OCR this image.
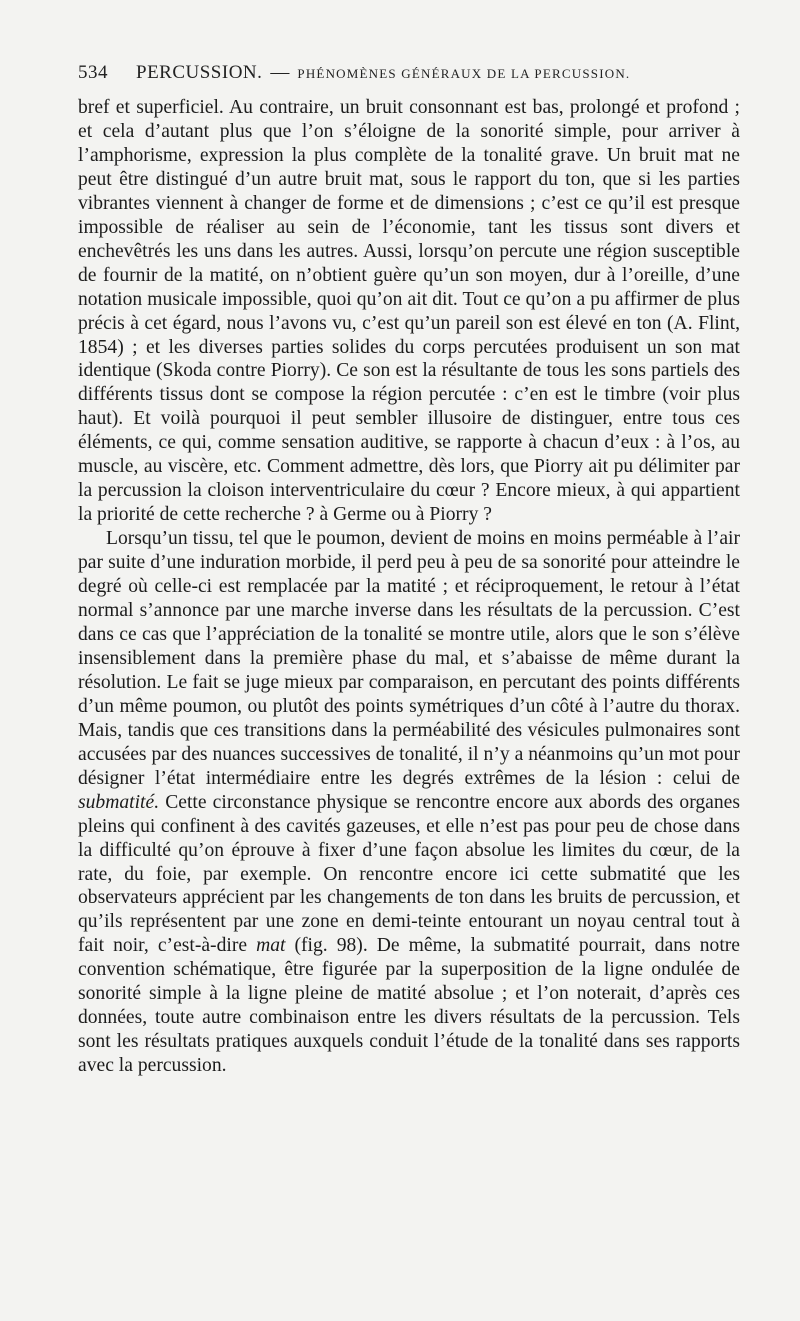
534 PERCUSSION. — PHÉNOMÈNES GÉNÉRAUX DE LA PERCUSSION.

bref et superficiel. Au contraire, un bruit consonnant est bas, prolongé et profond ; et cela d’autant plus que l’on s’éloigne de la sonorité simple, pour arriver à l’amphorisme, expression la plus complète de la tonalité grave. Un bruit mat ne peut être distingué d’un autre bruit mat, sous le rapport du ton, que si les parties vibrantes viennent à changer de forme et de dimensions ; c’est ce qu’il est presque impossible de réaliser au sein de l’économie, tant les tissus sont divers et enchevêtrés les uns dans les autres. Aussi, lorsqu’on percute une région susceptible de fournir de la matité, on n’obtient guère qu’un son moyen, dur à l’oreille, d’une notation musicale impossible, quoi qu’on ait dit. Tout ce qu’on a pu affirmer de plus précis à cet égard, nous l’avons vu, c’est qu’un pareil son est élevé en ton (A. Flint, 1854) ; et les diverses parties solides du corps percutées produisent un son mat identique (Skoda contre Piorry). Ce son est la résultante de tous les sons partiels des différents tissus dont se compose la région percutée : c’en est le timbre (voir plus haut). Et voilà pourquoi il peut sembler illusoire de distinguer, entre tous ces éléments, ce qui, comme sensation auditive, se rapporte à chacun d’eux : à l’os, au muscle, au viscère, etc. Comment admettre, dès lors, que Piorry ait pu délimiter par la percussion la cloison interventriculaire du cœur ? Encore mieux, à qui appartient la priorité de cette recherche ? à Germe ou à Piorry ?

Lorsqu’un tissu, tel que le poumon, devient de moins en moins perméable à l’air par suite d’une induration morbide, il perd peu à peu de sa sonorité pour atteindre le degré où celle-ci est remplacée par la matité ; et réciproquement, le retour à l’état normal s’annonce par une marche inverse dans les résultats de la percussion. C’est dans ce cas que l’appréciation de la tonalité se montre utile, alors que le son s’élève insensiblement dans la première phase du mal, et s’abaisse de même durant la résolution. Le fait se juge mieux par comparaison, en percutant des points différents d’un même poumon, ou plutôt des points symétriques d’un côté à l’autre du thorax. Mais, tandis que ces transitions dans la perméabilité des vésicules pulmonaires sont accusées par des nuances successives de tonalité, il n’y a néanmoins qu’un mot pour désigner l’état intermédiaire entre les degrés extrêmes de la lésion : celui de submatité. Cette circonstance physique se rencontre encore aux abords des organes pleins qui confinent à des cavités gazeuses, et elle n’est pas pour peu de chose dans la difficulté qu’on éprouve à fixer d’une façon absolue les limites du cœur, de la rate, du foie, par exemple. On rencontre encore ici cette submatité que les observateurs apprécient par les changements de ton dans les bruits de percussion, et qu’ils représentent par une zone en demi-teinte entourant un noyau central tout à fait noir, c’est-à-dire mat (fig. 98). De même, la submatité pourrait, dans notre convention schématique, être figurée par la superposition de la ligne ondulée de sonorité simple à la ligne pleine de matité absolue ; et l’on noterait, d’après ces données, toute autre combinaison entre les divers résultats de la percussion. Tels sont les résultats pratiques auxquels conduit l’étude de la tonalité dans ses rapports avec la percussion.
